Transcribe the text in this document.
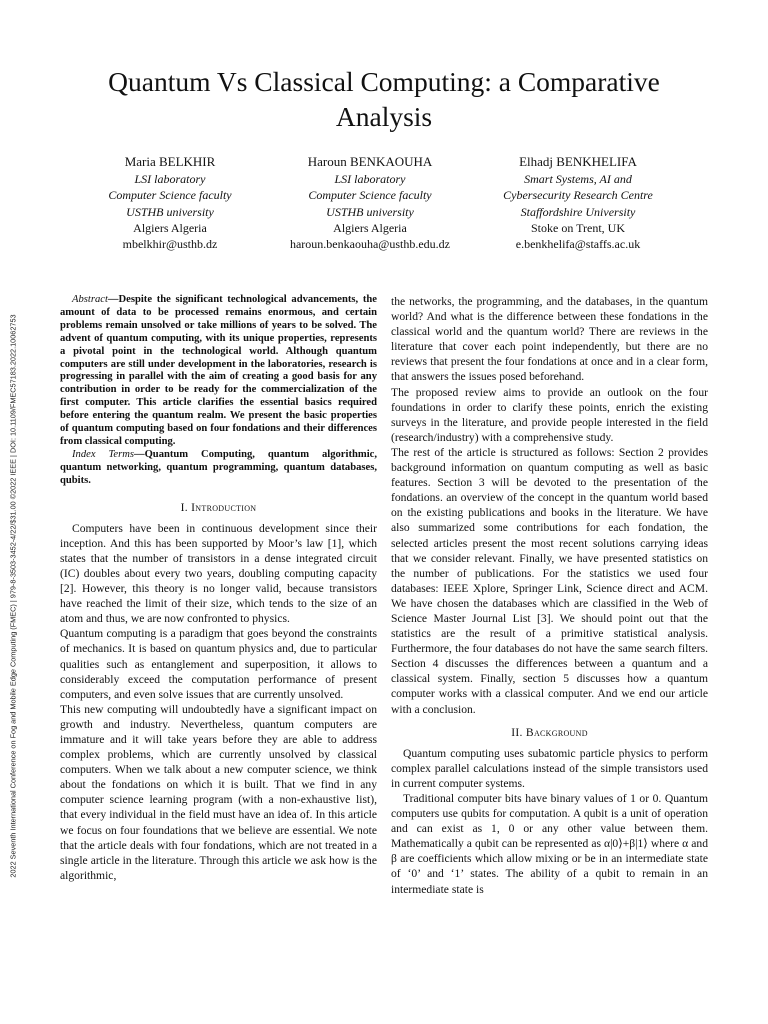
2022 Seventh International Conference on Fog and Mobile Edge Computing (FMEC) | 979-8-3503-3452-4/22/$31.00 ©2022 IEEE | DOI: 10.1109/FMEC57183.2022.10062753
Quantum Vs Classical Computing: a Comparative Analysis
Maria BELKHIR
LSI laboratory
Computer Science faculty
USTHB university
Algiers Algeria
mbelkhir@usthb.dz
Haroun BENKAOUHA
LSI laboratory
Computer Science faculty
USTHB university
Algiers Algeria
haroun.benkaouha@usthb.edu.dz
Elhadj BENKHELIFA
Smart Systems, AI and
Cybersecurity Research Centre
Staffordshire University
Stoke on Trent, UK
e.benkhelifa@staffs.ac.uk

Abstract—Despite the significant technological advancements, the amount of data to be processed remains enormous, and certain problems remain unsolved or take millions of years to be solved. The advent of quantum computing, with its unique properties, represents a pivotal point in the technological world. Although quantum computers are still under development in the laboratories, research is progressing in parallel with the aim of creating a good basis for any contribution in order to be ready for the commercialization of the first computer. This article clarifies the essential basics required before entering the quantum realm. We present the basic properties of quantum computing based on four fondations and their differences from classical computing.

Index Terms—Quantum Computing, quantum algorithmic, quantum networking, quantum programming, quantum databases, qubits.

I. Introduction

Computers have been in continuous development since their inception. And this has been supported by Moor’s law [1], which states that the number of transistors in a dense integrated circuit (IC) doubles about every two years, doubling computing capacity [2]. However, this theory is no longer valid, because transistors have reached the limit of their size, which tends to the size of an atom and thus, we are now confronted to physics.

Quantum computing is a paradigm that goes beyond the constraints of mechanics. It is based on quantum physics and, due to particular qualities such as entanglement and superposition, it allows to considerably exceed the computation performance of present computers, and even solve issues that are currently unsolved.

This new computing will undoubtedly have a significant impact on growth and industry. Nevertheless, quantum computers are immature and it will take years before they are able to address complex problems, which are currently unsolved by classical computers. When we talk about a new computer science, we think about the fondations on which it is built. That we find in any computer science learning program (with a non-exhaustive list), that every individual in the field must have an idea of. In this article we focus on four foundations that we believe are essential. We note that the article deals with four fondations, which are not treated in a single article in the literature. Through this article we ask how is the algorithmic,

the networks, the programming, and the databases, in the quantum world? And what is the difference between these fondations in the classical world and the quantum world? There are reviews in the literature that cover each point independently, but there are no reviews that present the four fondations at once and in a clear form, that answers the issues posed beforehand.

The proposed review aims to provide an outlook on the four foundations in order to clarify these points, enrich the existing surveys in the literature, and provide people interested in the field (research/industry) with a comprehensive study.

The rest of the article is structured as follows: Section 2 provides background information on quantum computing as well as basic features. Section 3 will be devoted to the presentation of the fondations. an overview of the concept in the quantum world based on the existing publications and books in the literature. We have also summarized some contributions for each fondation, the selected articles present the most recent solutions carrying ideas that we consider relevant. Finally, we have presented statistics on the number of publications. For the statistics we used four databases: IEEE Xplore, Springer Link, Science direct and ACM. We have chosen the databases which are classified in the Web of Science Master Journal List [3]. We should point out that the statistics are the result of a primitive statistical analysis. Furthermore, the four databases do not have the same search filters. Section 4 discusses the differences between a quantum and a classical system. Finally, section 5 discusses how a quantum computer works with a classical computer. And we end our article with a conclusion.

II. Background

Quantum computing uses subatomic particle physics to perform complex parallel calculations instead of the simple transistors used in current computer systems.

Traditional computer bits have binary values of 1 or 0. Quantum computers use qubits for computation. A qubit is a unit of operation and can exist as 1, 0 or any other value between them. Mathematically a qubit can be represented as α|0⟩+β|1⟩ where α and β are coefficients which allow mixing or be in an intermediate state of ‘0’ and ‘1’ states. The ability of a qubit to remain in an intermediate state is
